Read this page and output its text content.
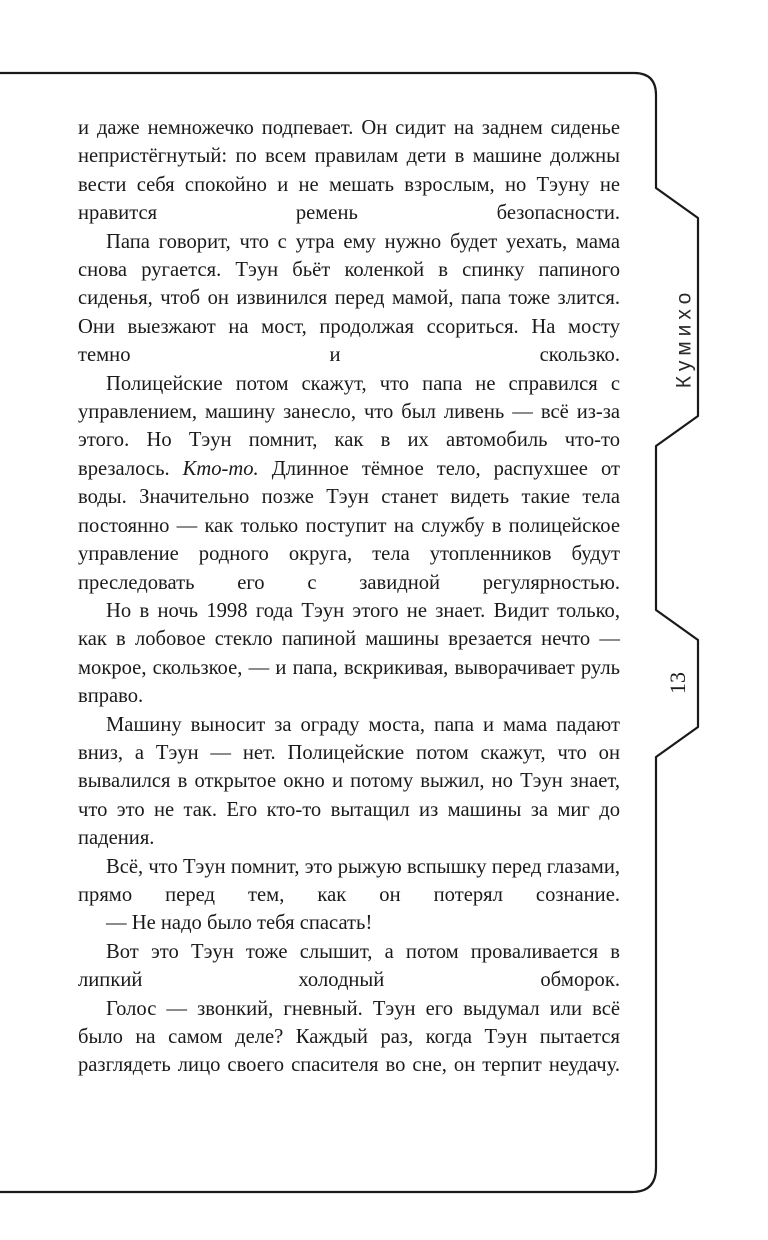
Кумихо
13

и даже немножечко подпевает. Он сидит на заднем сиденье непристёгнутый: по всем правилам дети в машине должны вести себя спокойно и не мешать взрослым, но Тэуну не нравится ремень безопасности.

Папа говорит, что с утра ему нужно будет уехать, мама снова ругается. Тэун бьёт коленкой в спинку папиного сиденья, чтоб он извинился перед мамой, папа тоже злится. Они выезжают на мост, продолжая ссориться. На мосту темно и скользко.

Полицейские потом скажут, что папа не справился с управлением, машину занесло, что был ливень — всё из-за этого. Но Тэун помнит, как в их автомобиль что-то врезалось. Кто-то. Длинное тёмное тело, распухшее от воды. Значительно позже Тэун станет видеть такие тела постоянно — как только поступит на службу в полицейское управление родного округа, тела утопленников будут преследовать его с завидной регулярностью.

Но в ночь 1998 года Тэун этого не знает. Видит только, как в лобовое стекло папиной машины врезается нечто — мокрое, скользкое, — и папа, вскрикивая, выворачивает руль вправо.

Машину выносит за ограду моста, папа и мама падают вниз, а Тэун — нет. Полицейские потом скажут, что он вывалился в открытое окно и потому выжил, но Тэун знает, что это не так. Его кто-то вытащил из машины за миг до падения.

Всё, что Тэун помнит, это рыжую вспышку перед глазами, прямо перед тем, как он потерял сознание.

— Не надо было тебя спасать!

Вот это Тэун тоже слышит, а потом проваливается в липкий холодный обморок.

Голос — звонкий, гневный. Тэун его выдумал или всё было на самом деле? Каждый раз, когда Тэун пытается разглядеть лицо своего спасителя во сне, он терпит неудачу.
